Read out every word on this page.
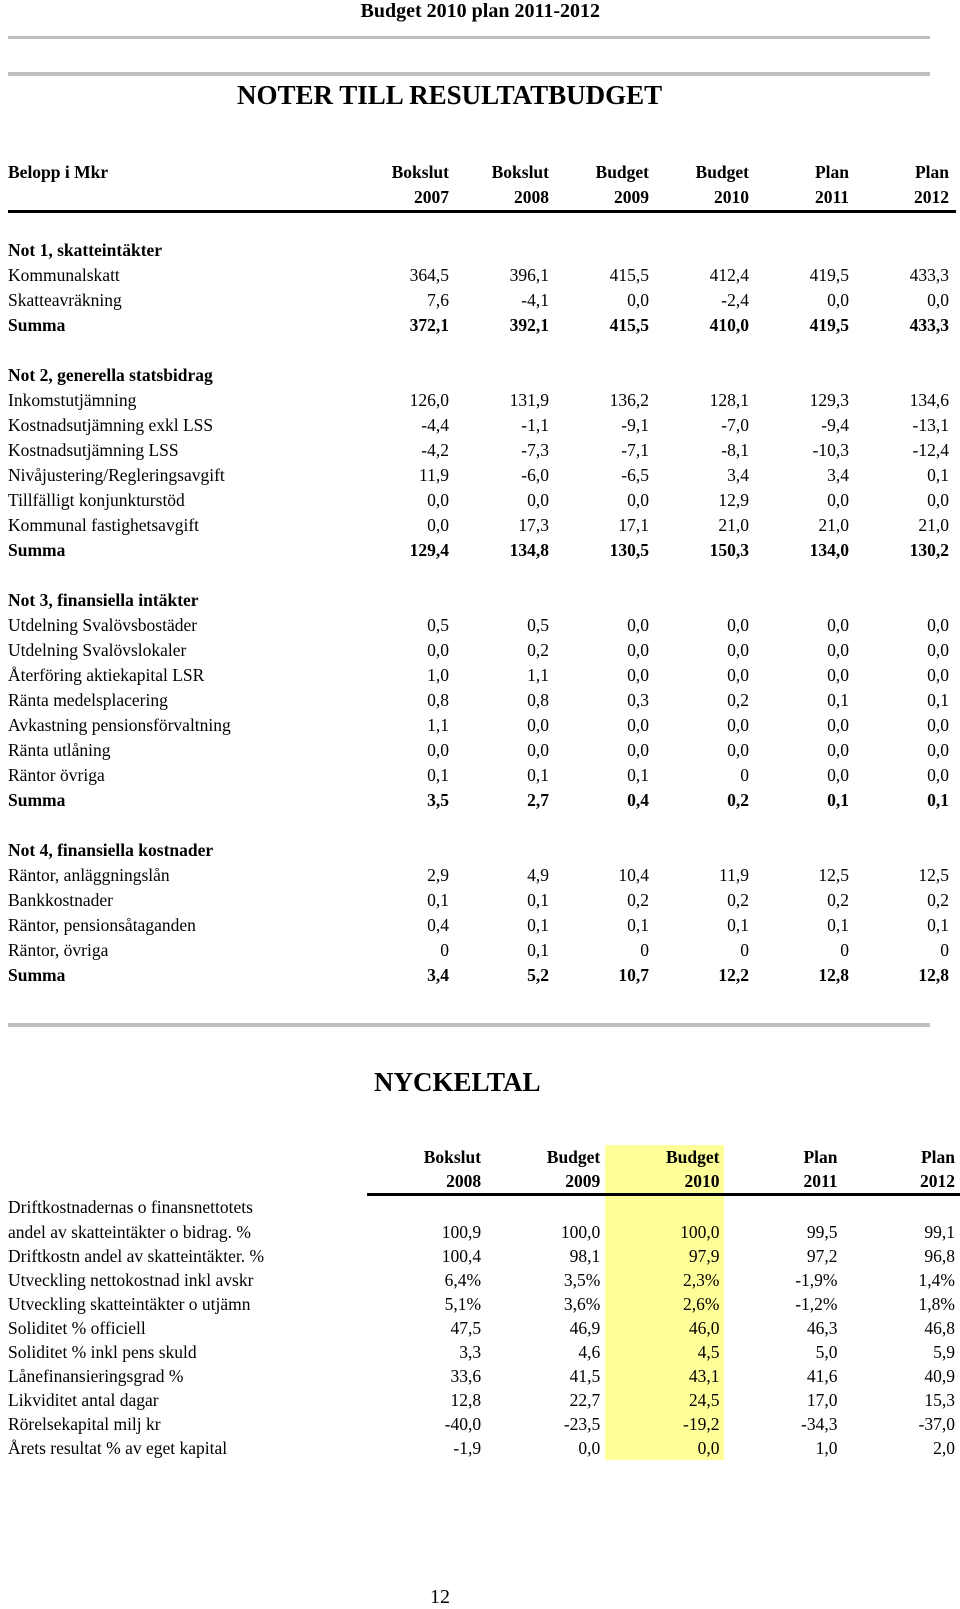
Budget 2010 plan 2011-2012
NOTER TILL RESULTATBUDGET
Belopp i Mkr	Bokslut	Bokslut	Budget	Budget	Plan	Plan
	2007	2008	2009	2010	2011	2012

Not 1, skatteintäkter						
Kommunalskatt	364,5	396,1	415,5	412,4	419,5	433,3
Skatteavräkning	7,6	-4,1	0,0	-2,4	0,0	0,0
Summa	372,1	392,1	415,5	410,0	419,5	433,3

Not 2, generella statsbidrag						
Inkomstutjämning	126,0	131,9	136,2	128,1	129,3	134,6
Kostnadsutjämning exkl LSS	-4,4	-1,1	-9,1	-7,0	-9,4	-13,1
Kostnadsutjämning LSS	-4,2	-7,3	-7,1	-8,1	-10,3	-12,4
Nivåjustering/Regleringsavgift	11,9	-6,0	-6,5	3,4	3,4	0,1
Tillfälligt konjunkturstöd	0,0	0,0	0,0	12,9	0,0	0,0
Kommunal fastighetsavgift	0,0	17,3	17,1	21,0	21,0	21,0
Summa	129,4	134,8	130,5	150,3	134,0	130,2

Not 3, finansiella intäkter						
Utdelning Svalövsbostäder	0,5	0,5	0,0	0,0	0,0	0,0
Utdelning Svalövslokaler	0,0	0,2	0,0	0,0	0,0	0,0
Återföring aktiekapital LSR	1,0	1,1	0,0	0,0	0,0	0,0
Ränta medelsplacering	0,8	0,8	0,3	0,2	0,1	0,1
Avkastning pensionsförvaltning	1,1	0,0	0,0	0,0	0,0	0,0
Ränta utlåning	0,0	0,0	0,0	0,0	0,0	0,0
Räntor övriga	0,1	0,1	0,1	0	0,0	0,0
Summa	3,5	2,7	0,4	0,2	0,1	0,1

Not 4, finansiella kostnader						
Räntor, anläggningslån	2,9	4,9	10,4	11,9	12,5	12,5
Bankkostnader	0,1	0,1	0,2	0,2	0,2	0,2
Räntor, pensionsåtaganden	0,4	0,1	0,1	0,1	0,1	0,1
Räntor, övriga	0	0,1	0	0	0	0
Summa	3,4	5,2	10,7	12,2	12,8	12,8
NYCKELTAL
	Bokslut	Budget	Budget	Plan	Plan
	2008	2009	2010	2011	2012
Driftkostnadernas o finansnettotets					
andel av skatteintäkter o bidrag. %	100,9	100,0	100,0	99,5	99,1
Driftkostn andel av skatteintäkter. %	100,4	98,1	97,9	97,2	96,8
Utveckling nettokostnad inkl avskr	6,4%	3,5%	2,3%	-1,9%	1,4%
Utveckling skatteintäkter o utjämn	5,1%	3,6%	2,6%	-1,2%	1,8%
Soliditet % officiell	47,5	46,9	46,0	46,3	46,8
Soliditet % inkl pens skuld	3,3	4,6	4,5	5,0	5,9
Lånefinansieringsgrad %	33,6	41,5	43,1	41,6	40,9
Likviditet antal dagar	12,8	22,7	24,5	17,0	15,3
Rörelsekapital milj kr	-40,0	-23,5	-19,2	-34,3	-37,0
Årets resultat % av eget kapital	-1,9	0,0	0,0	1,0	2,0
12
